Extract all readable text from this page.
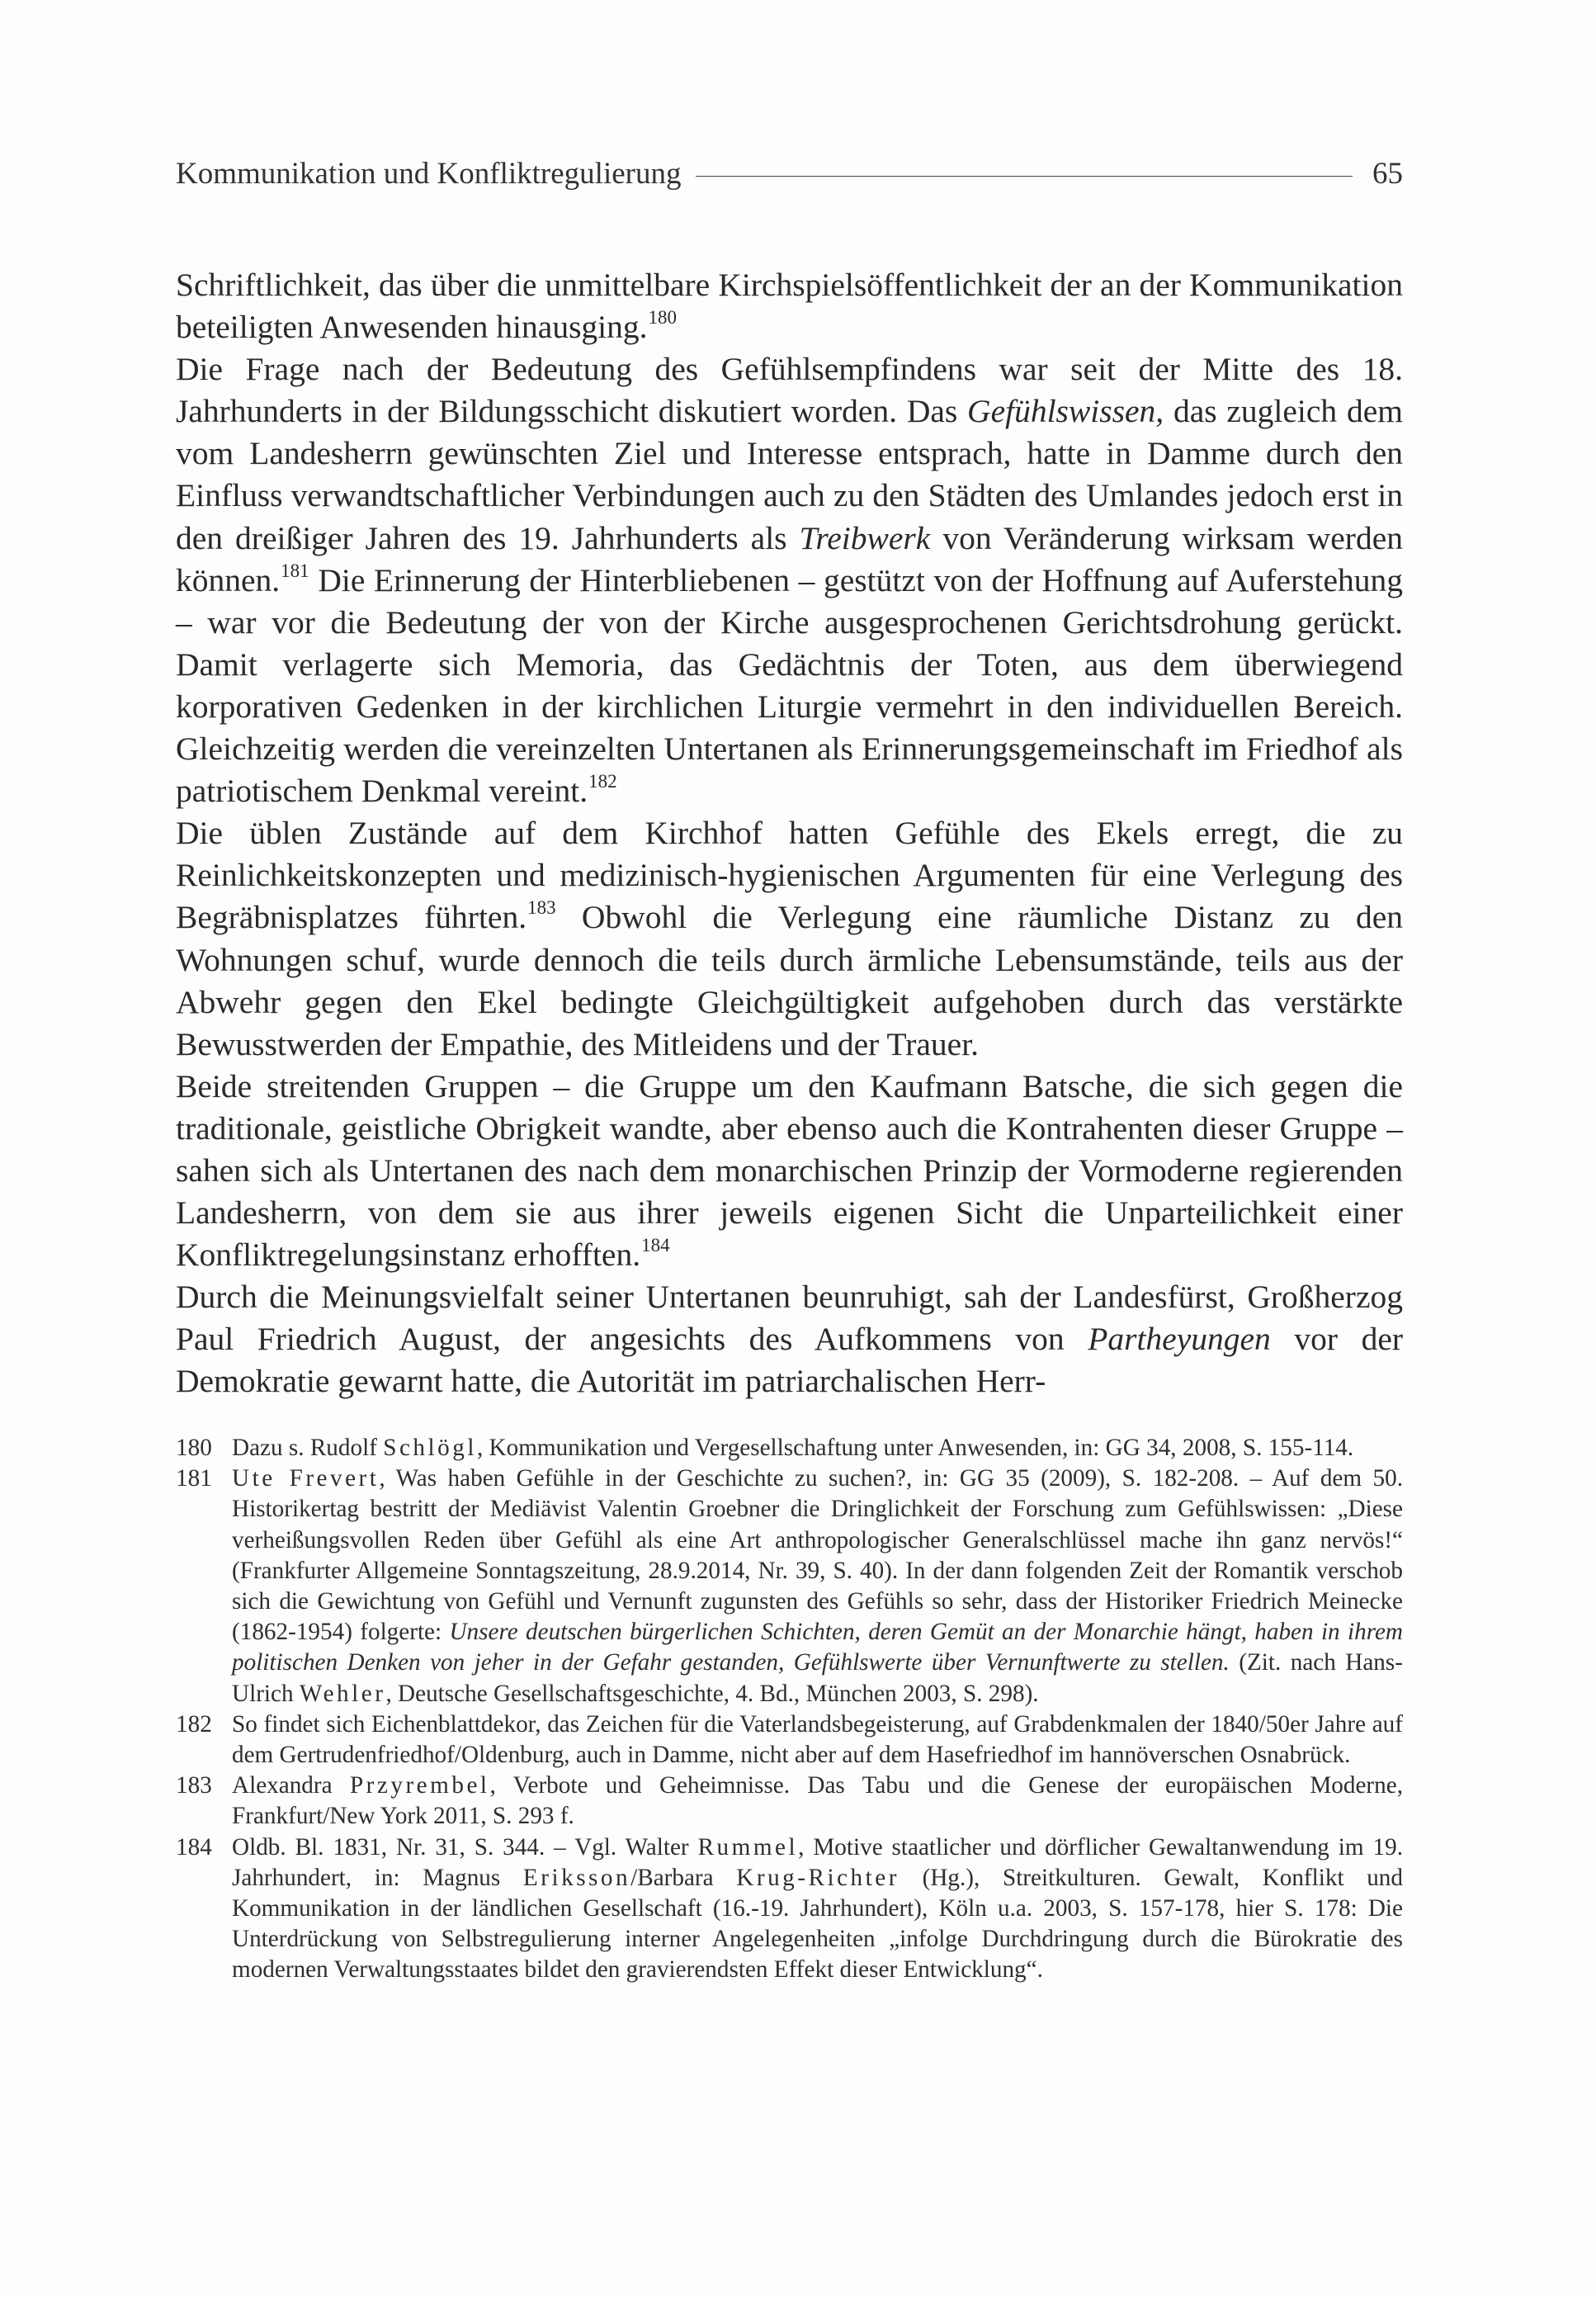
Kommunikation und Konfliktregulierung	65

Schriftlichkeit, das über die unmittelbare Kirchspielsöffentlichkeit der an der Kommunikation beteiligten Anwesenden hinausging.$^{180}$

Die Frage nach der Bedeutung des Gefühlsempfindens war seit der Mitte des 18. Jahrhunderts in der Bildungsschicht diskutiert worden. Das Gefühlswissen, das zugleich dem vom Landesherrn gewünschten Ziel und Interesse entsprach, hatte in Damme durch den Einfluss verwandtschaftlicher Verbindungen auch zu den Städten des Umlandes jedoch erst in den dreißiger Jahren des 19. Jahrhunderts als Treibwerk von Veränderung wirksam werden können.$^{181}$ Die Erinnerung der Hinterbliebenen – gestützt von der Hoffnung auf Auferstehung – war vor die Bedeutung der von der Kirche ausgesprochenen Gerichtsdrohung gerückt. Damit verlagerte sich Memoria, das Gedächtnis der Toten, aus dem überwiegend korporativen Gedenken in der kirchlichen Liturgie vermehrt in den individuellen Bereich. Gleichzeitig werden die vereinzelten Untertanen als Erinnerungsgemeinschaft im Friedhof als patriotischem Denkmal vereint.$^{182}$

Die üblen Zustände auf dem Kirchhof hatten Gefühle des Ekels erregt, die zu Reinlichkeitskonzepten und medizinisch-hygienischen Argumenten für eine Verlegung des Begräbnisplatzes führten.$^{183}$ Obwohl die Verlegung eine räumliche Distanz zu den Wohnungen schuf, wurde dennoch die teils durch ärmliche Lebensumstände, teils aus der Abwehr gegen den Ekel bedingte Gleichgültigkeit aufgehoben durch das verstärkte Bewusstwerden der Empathie, des Mitleidens und der Trauer.

Beide streitenden Gruppen – die Gruppe um den Kaufmann Batsche, die sich gegen die traditionale, geistliche Obrigkeit wandte, aber ebenso auch die Kontrahenten dieser Gruppe – sahen sich als Untertanen des nach dem monarchischen Prinzip der Vormoderne regierenden Landesherrn, von dem sie aus ihrer jeweils eigenen Sicht die Unparteilichkeit einer Konfliktregelungsinstanz erhofften.$^{184}$

Durch die Meinungsvielfalt seiner Untertanen beunruhigt, sah der Landesfürst, Großherzog Paul Friedrich August, der angesichts des Aufkommens von Partheyungen vor der Demokratie gewarnt hatte, die Autorität im patriarchalischen Herr-

180 Dazu s. Rudolf Schlögl, Kommunikation und Vergesellschaftung unter Anwesenden, in: GG 34, 2008, S. 155-114.
181 Ute Frevert, Was haben Gefühle in der Geschichte zu suchen?, in: GG 35 (2009), S. 182-208. – Auf dem 50. Historikertag bestritt der Mediävist Valentin Groebner die Dringlichkeit der Forschung zum Gefühlswissen: „Diese verheißungsvollen Reden über Gefühl als eine Art anthropologischer Generalschlüssel mache ihn ganz nervös!“ (Frankfurter Allgemeine Sonntagszeitung, 28.9.2014, Nr. 39, S. 40). In der dann folgenden Zeit der Romantik verschob sich die Gewichtung von Gefühl und Vernunft zugunsten des Gefühls so sehr, dass der Historiker Friedrich Meinecke (1862-1954) folgerte: Unsere deutschen bürgerlichen Schichten, deren Gemüt an der Monarchie hängt, haben in ihrem politischen Denken von jeher in der Gefahr gestanden, Gefühlswerte über Vernunftwerte zu stellen. (Zit. nach Hans-Ulrich Wehler, Deutsche Gesellschaftsgeschichte, 4. Bd., München 2003, S. 298).
182 So findet sich Eichenblattdekor, das Zeichen für die Vaterlandsbegeisterung, auf Grabdenkmalen der 1840/50er Jahre auf dem Gertrudenfriedhof/Oldenburg, auch in Damme, nicht aber auf dem Hasefriedhof im hannöverschen Osnabrück.
183 Alexandra Przyrembel, Verbote und Geheimnisse. Das Tabu und die Genese der europäischen Moderne, Frankfurt/New York 2011, S. 293 f.
184 Oldb. Bl. 1831, Nr. 31, S. 344. – Vgl. Walter Rummel, Motive staatlicher und dörflicher Gewaltanwendung im 19. Jahrhundert, in: Magnus Eriksson/Barbara Krug-Richter (Hg.), Streitkulturen. Gewalt, Konflikt und Kommunikation in der ländlichen Gesellschaft (16.-19. Jahrhundert), Köln u.a. 2003, S. 157-178, hier S. 178: Die Unterdrückung von Selbstregulierung interner Angelegenheiten „infolge Durchdringung durch die Bürokratie des modernen Verwaltungsstaates bildet den gravierendsten Effekt dieser Entwicklung“.
